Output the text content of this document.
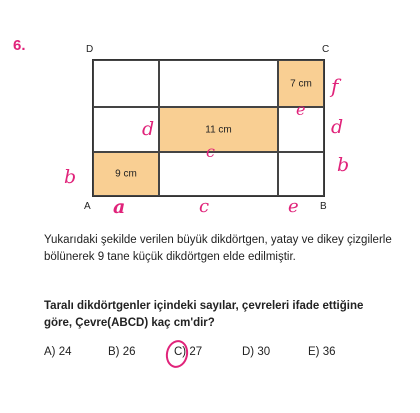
6.	D	C
A	B
7 cm
11 cm
9 cm
f
e
d	d
c
b
b
a	c	e
Yukarıdaki şekilde verilen büyük dikdörtgen, yatay ve dikey çizgilerle bölünerek 9 tane küçük dikdörtgen elde edilmiştir.
Taralı dikdörtgenler içindeki sayılar, çevreleri ifade ettiğine göre, Çevre(ABCD) kaç cm'dir?
A) 24	B) 26	C) 27	D) 30	E) 36
